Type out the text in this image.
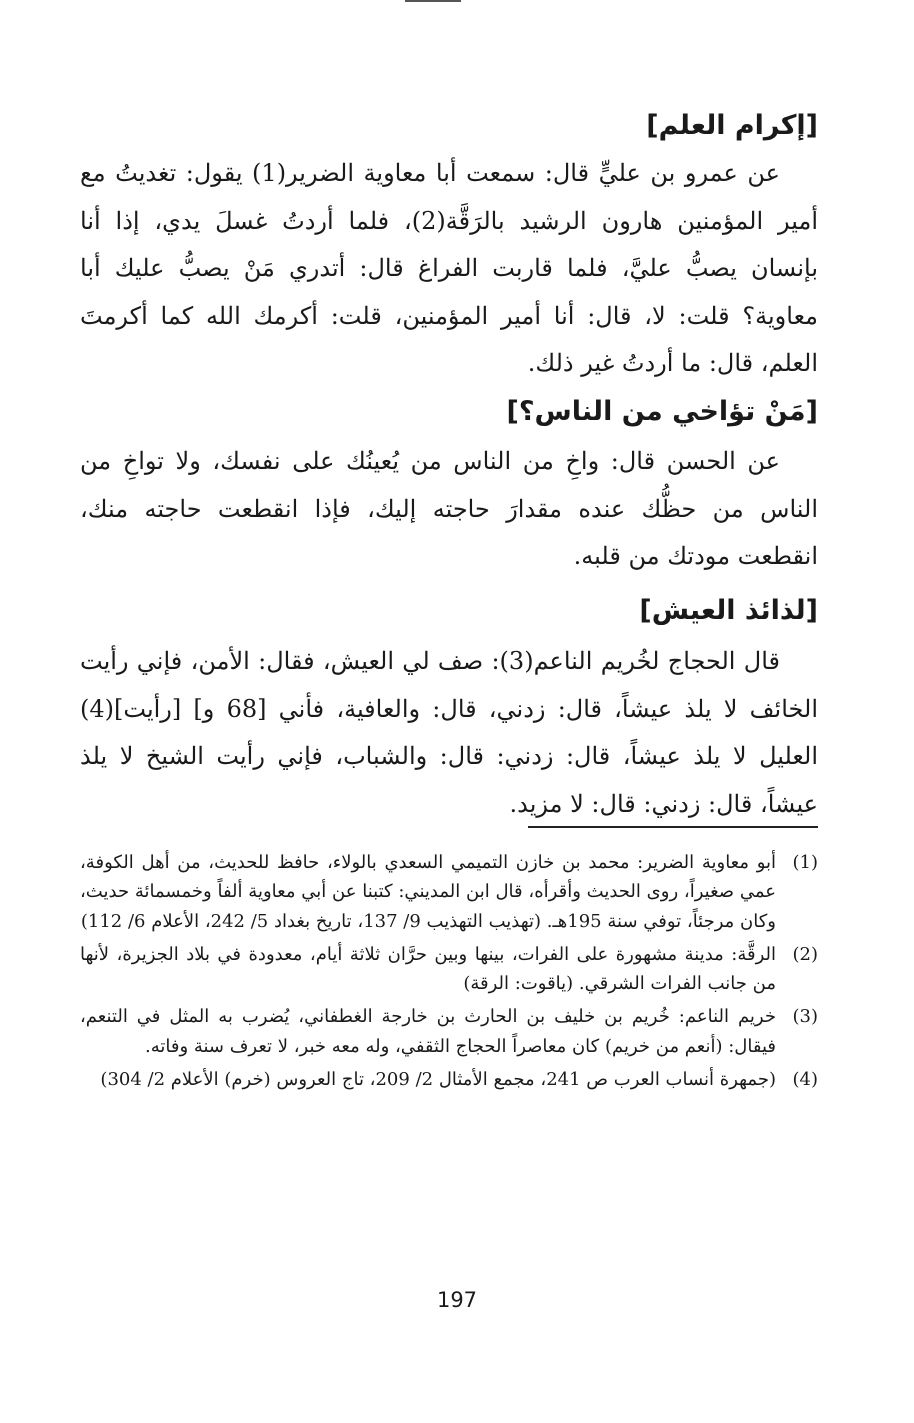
[إكرام العلم]

عن عمرو بن عليٍّ قال: سمعت أبا معاوية الضرير(1) يقول: تغديتُ مع أمير المؤمنين هارون الرشيد بالرَقَّة(2)، فلما أردتُ غسلَ يدي، إذا أنا بإنسان يصبُّ عليَّ، فلما قاربت الفراغ قال: أتدري مَنْ يصبُّ عليك أبا معاوية؟ قلت: لا، قال: أنا أمير المؤمنين، قلت: أكرمك الله كما أكرمتَ العلم، قال: ما أردتُ غير ذلك.

[مَنْ تؤاخي من الناس؟]

عن الحسن قال: واخِ من الناس من يُعينُك على نفسك، ولا تواخِ من الناس من حظُّك عنده مقدارَ حاجته إليك، فإذا انقطعت حاجته منك، انقطعت مودتك من قلبه.

[لذائذ العيش]

قال الحجاج لخُريم الناعم(3): صف لي العيش، فقال: الأمن، فإني رأيت الخائف لا يلذ عيشاً، قال: زدني، قال: والعافية، فأني [68 و] [رأيت](4) العليل لا يلذ عيشاً، قال: زدني: قال: والشباب، فإني رأيت الشيخ لا يلذ عيشاً، قال: زدني: قال: لا مزيد.

(1)
أبو معاوية الضرير: محمد بن خازن التميمي السعدي بالولاء، حافظ للحديث، من أهل الكوفة، عمي صغيراً، روى الحديث وأقرأه، قال ابن المديني: كتبنا عن أبي معاوية ألفاً وخمسمائة حديث، وكان مرجئاً، توفي سنة 195هـ. (تهذيب التهذيب 9/ 137، تاريخ بغداد 5/ 242، الأعلام 6/ 112)
(2)
الرقَّة: مدينة مشهورة على الفرات، بينها وبين حرَّان ثلاثة أيام، معدودة في بلاد الجزيرة، لأنها من جانب الفرات الشرقي. (ياقوت: الرقة)
(3)
خريم الناعم: خُريم بن خليف بن الحارث بن خارجة الغطفاني، يُضرب به المثل في التنعم، فيقال: (أنعم من خريم) كان معاصراً الحجاج الثقفي، وله معه خبر، لا تعرف سنة وفاته.
(4)
(جمهرة أنساب العرب ص 241، مجمع الأمثال 2/ 209، تاج العروس (خرم) الأعلام 2/ 304)
197
